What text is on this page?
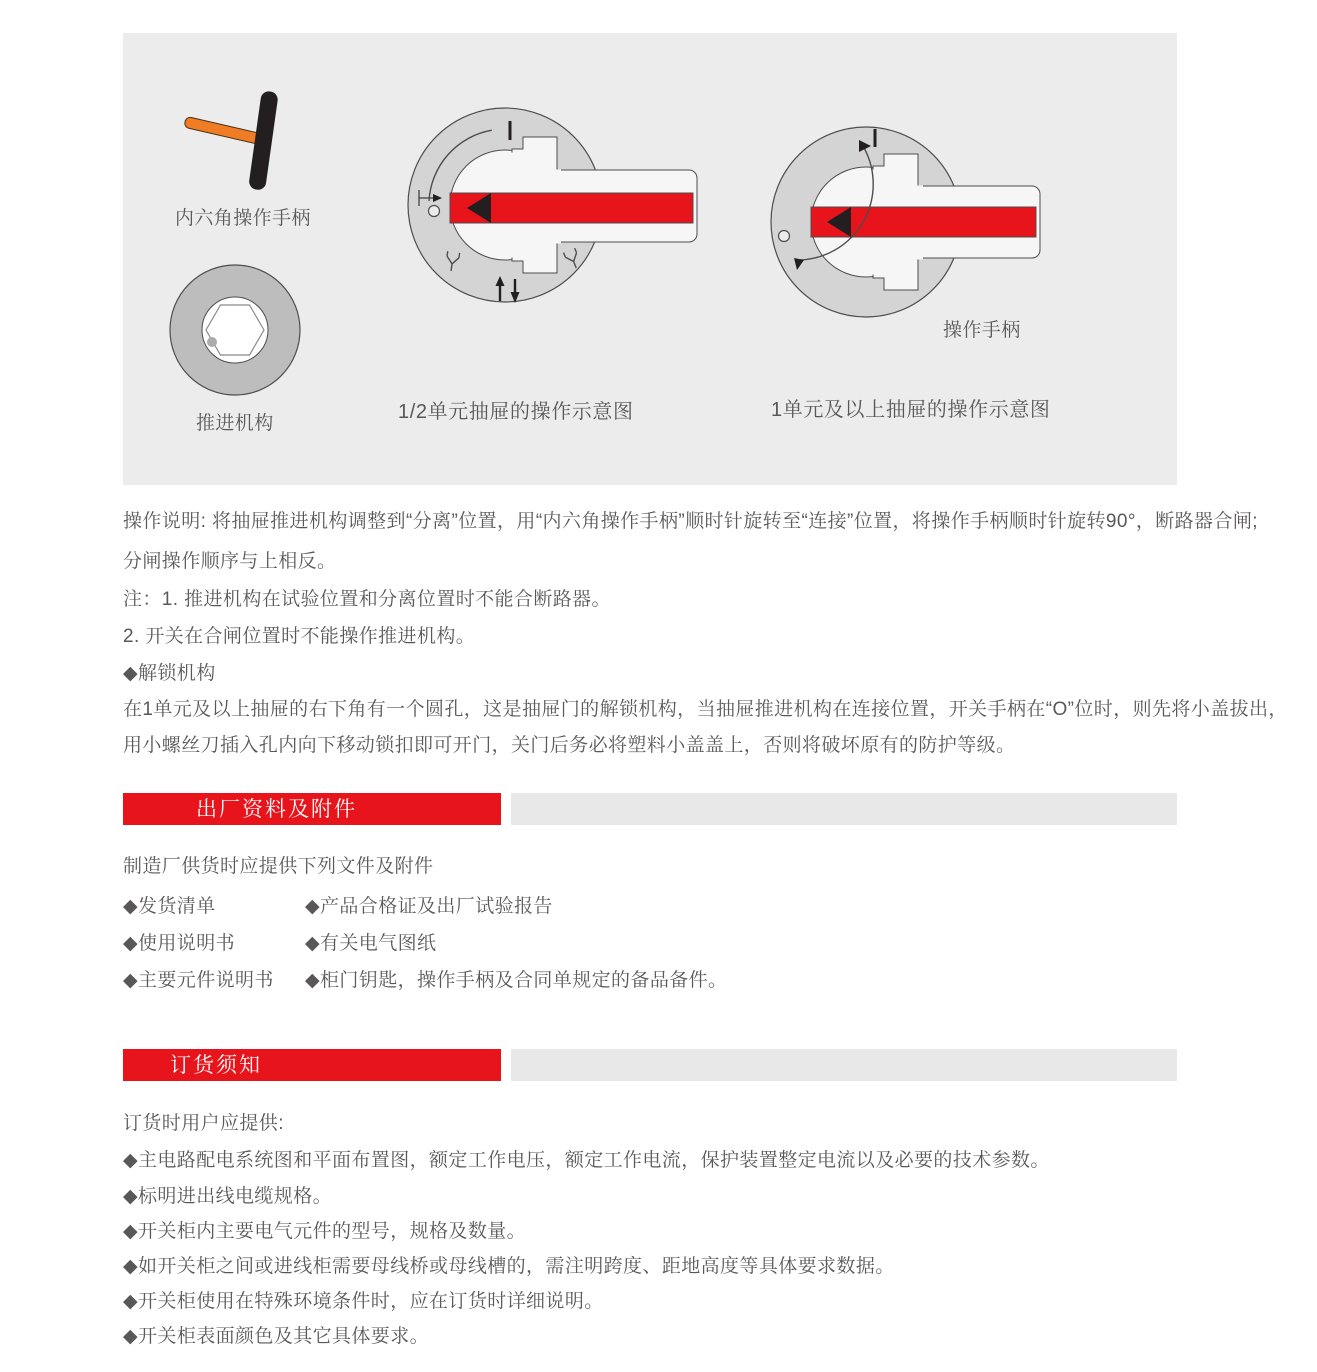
内六角操作手柄
推进机构
1/2单元抽屉的操作示意图
操作手柄
1单元及以上抽屉的操作示意图
操作说明: 将抽屉推进机构调整到“分离”位置，用“内六角操作手柄”顺时针旋转至“连接”位置，将操作手柄顺时针旋转90°，断路器合闸;
分闸操作顺序与上相反。
注：1. 推进机构在试验位置和分离位置时不能合断路器。
2. 开关在合闸位置时不能操作推进机构。
◆解锁机构
在1单元及以上抽屉的右下角有一个圆孔，这是抽屉门的解锁机构，当抽屉推进机构在连接位置，开关手柄在“O”位时，则先将小盖拔出，
用小螺丝刀插入孔内向下移动锁扣即可开门，关门后务必将塑料小盖盖上，否则将破坏原有的防护等级。
出厂资料及附件
制造厂供货时应提供下列文件及附件
◆发货清单	◆产品合格证及出厂试验报告
◆使用说明书	◆有关电气图纸
◆主要元件说明书 ◆柜门钥匙，操作手柄及合同单规定的备品备件。
订货须知
订货时用户应提供:
◆主电路配电系统图和平面布置图，额定工作电压，额定工作电流，保护装置整定电流以及必要的技术参数。
◆标明进出线电缆规格。
◆开关柜内主要电气元件的型号，规格及数量。
◆如开关柜之间或进线柜需要母线桥或母线槽的，需注明跨度、距地高度等具体要求数据。
◆开关柜使用在特殊环境条件时，应在订货时详细说明。
◆开关柜表面颜色及其它具体要求。
